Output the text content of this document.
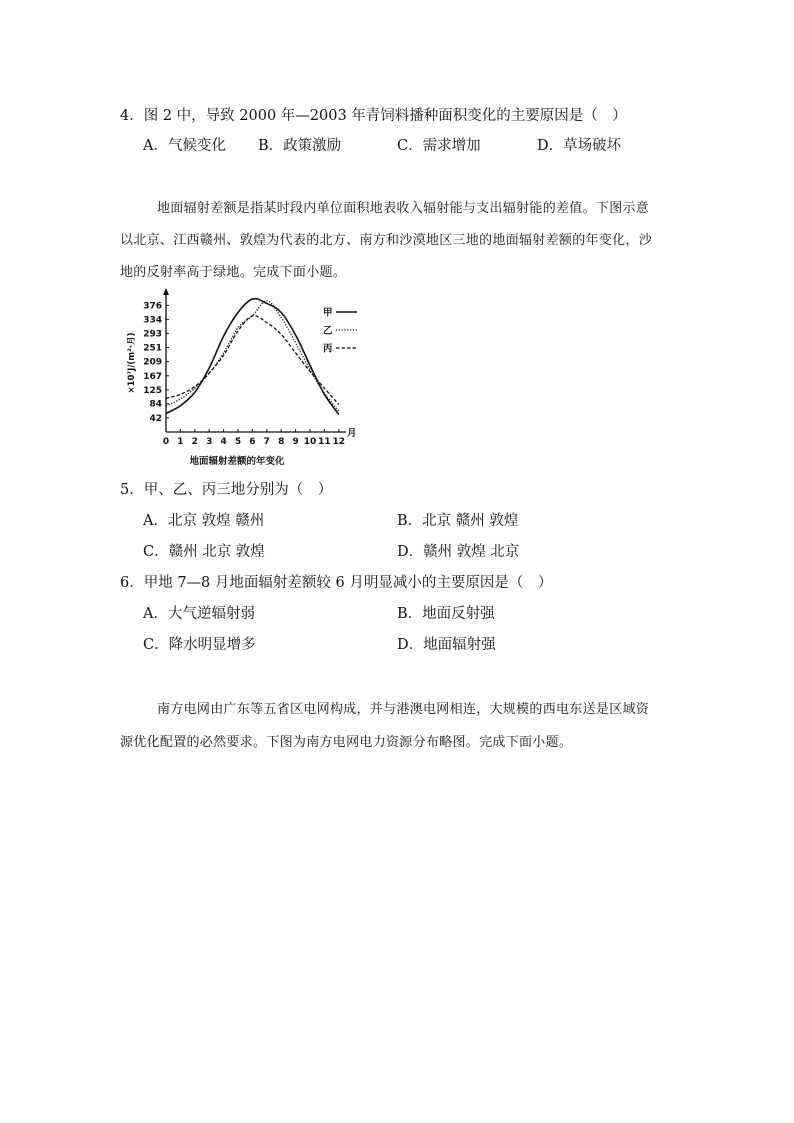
4．图 2 中，导致 2000 年—2003 年青饲料播种面积变化的主要原因是（　）
A．气候变化 B．政策激励	C．需求增加	D．草场破坏
地面辐射差额是指某时段内单位面积地表收入辐射能与支出辐射能的差值。下图示意
以北京、江西赣州、敦煌为代表的北方、南方和沙漠地区三地的地面辐射差额的年变化，沙
地的反射率高于绿地。完成下面小题。
42
84
125
167
209
251
293
334
376
0 1 2 3 4 5 6 7 8 9 10 11 12
甲
乙
丙
×10⁷J/(m²·月)
月
地面辐射差额的年变化
5．甲、乙、丙三地分别为（　）
A．北京 敦煌 赣州	B．北京 赣州 敦煌
C．赣州 北京 敦煌	D．赣州 敦煌 北京
6．甲地 7—8 月地面辐射差额较 6 月明显减小的主要原因是（　）
A．大气逆辐射弱	B．地面反射强
C．降水明显增多	D．地面辐射强
南方电网由广东等五省区电网构成，并与港澳电网相连，大规模的西电东送是区域资
源优化配置的必然要求。下图为南方电网电力资源分布略图。完成下面小题。
